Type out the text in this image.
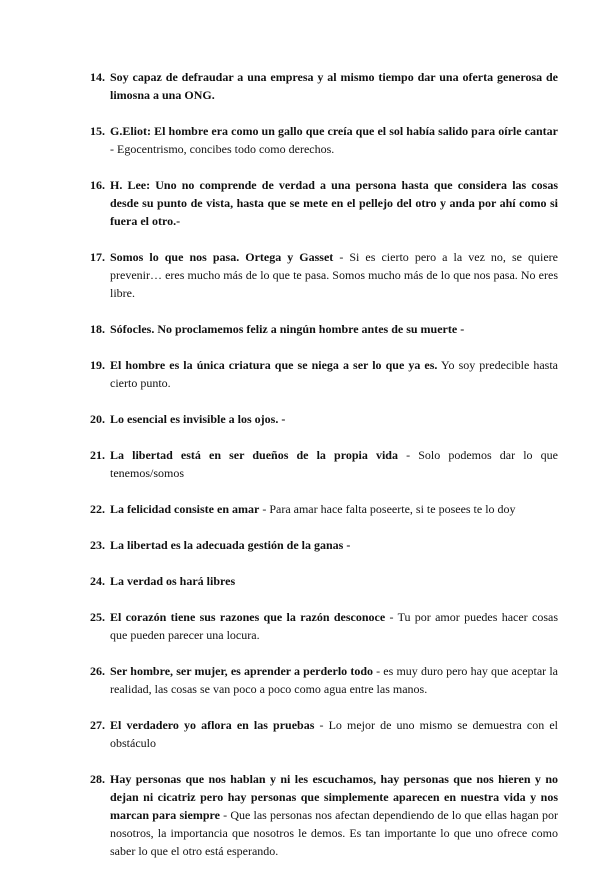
14. Soy capaz de defraudar a una empresa y al mismo tiempo dar una oferta generosa de limosna a una ONG.
15. G.Eliot: El hombre era como un gallo que creía que el sol había salido para oírle cantar - Egocentrismo, concibes todo como derechos.
16. H. Lee: Uno no comprende de verdad a una persona hasta que considera las cosas desde su punto de vista, hasta que se mete en el pellejo del otro y anda por ahí como si fuera el otro.-
17. Somos lo que nos pasa. Ortega y Gasset - Si es cierto pero a la vez no, se quiere prevenir… eres mucho más de lo que te pasa. Somos mucho más de lo que nos pasa. No eres libre.
18. Sófocles. No proclamemos feliz a ningún hombre antes de su muerte -
19. El hombre es la única criatura que se niega a ser lo que ya es. Yo soy predecible hasta cierto punto.
20. Lo esencial es invisible a los ojos. -
21. La libertad está en ser dueños de la propia vida - Solo podemos dar lo que tenemos/somos
22. La felicidad consiste en amar - Para amar hace falta poseerte, si te posees te lo doy
23. La libertad es la adecuada gestión de la ganas -
24. La verdad os hará libres
25. El corazón tiene sus razones que la razón desconoce - Tu por amor puedes hacer cosas que pueden parecer una locura.
26. Ser hombre, ser mujer, es aprender a perderlo todo - es muy duro pero hay que aceptar la realidad, las cosas se van poco a poco como agua entre las manos.
27. El verdadero yo aflora en las pruebas - Lo mejor de uno mismo se demuestra con el obstáculo
28. Hay personas que nos hablan y ni les escuchamos, hay personas que nos hieren y no dejan ni cicatriz pero hay personas que simplemente aparecen en nuestra vida y nos marcan para siempre - Que las personas nos afectan dependiendo de lo que ellas hagan por nosotros, la importancia que nosotros le demos. Es tan importante lo que uno ofrece como saber lo que el otro está esperando.
